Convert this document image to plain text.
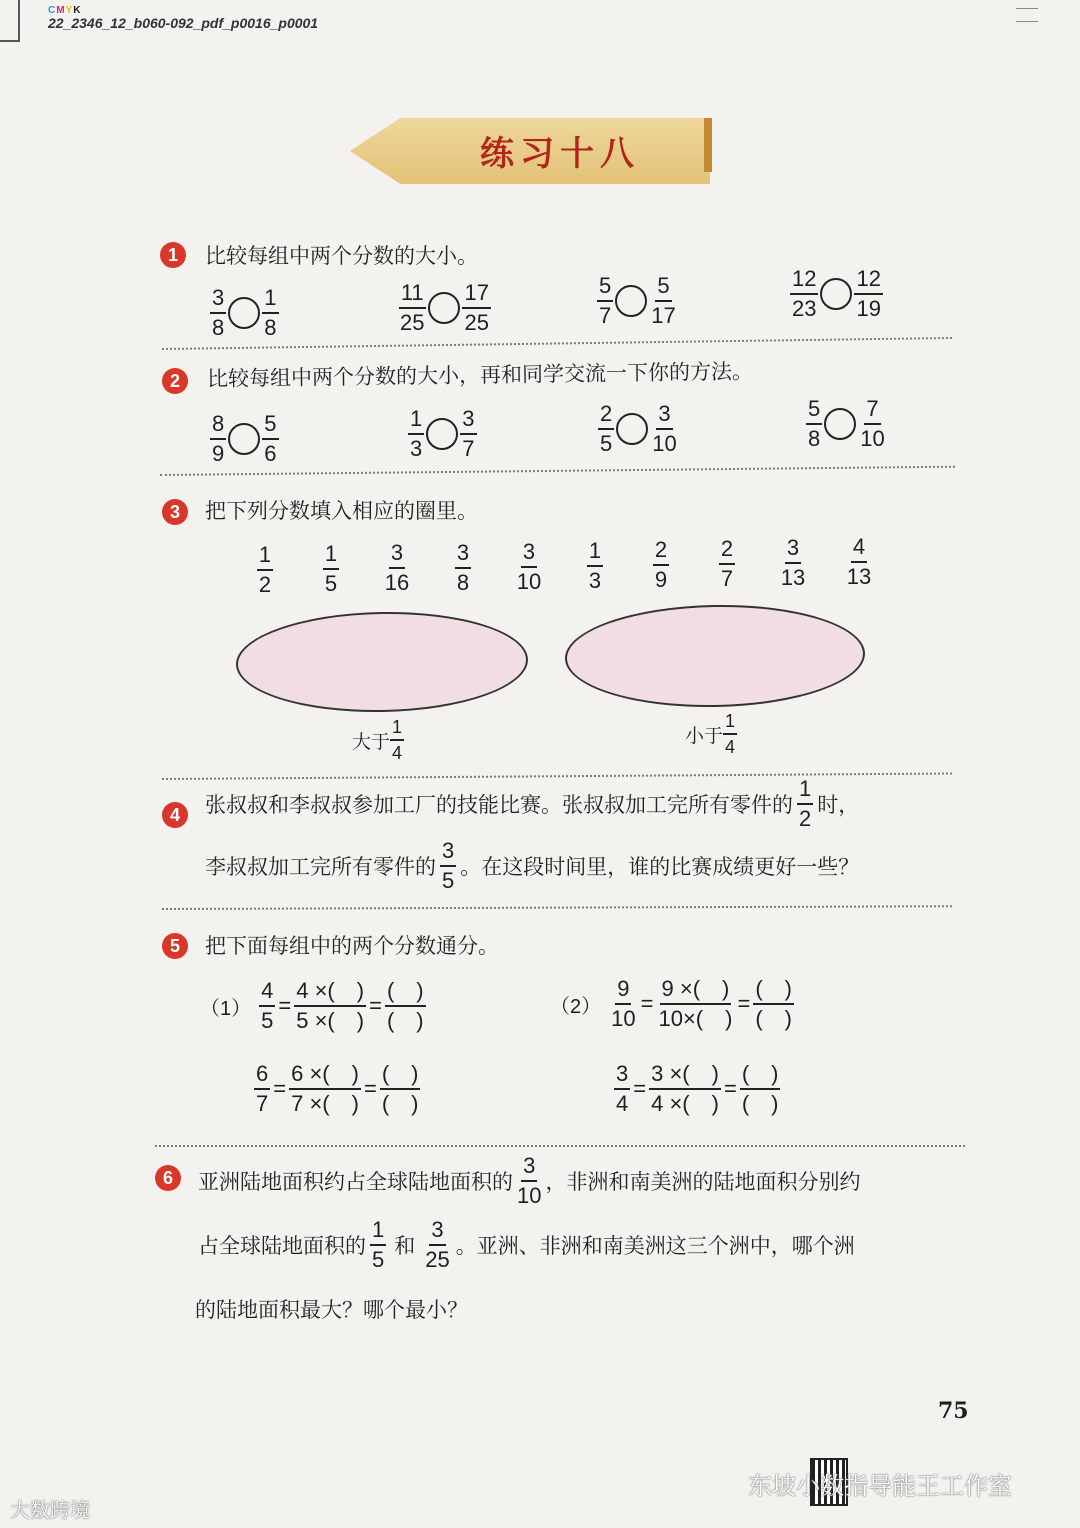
CMYK
22_2346_12_b060-092_pdf_p0016_p0001
练习十八
1	比较每组中两个分数的大小。
$\frac{3}{8} \frac{1}{8}$	$\frac{11}{25} \frac{17}{25}$	$\frac{5}{7} \frac{5}{17}$	$\frac{12}{23} \frac{12}{19}$
2	比较每组中两个分数的大小，再和同学交流一下你的方法。
$\frac{8}{9} \frac{5}{6}$	$\frac{1}{3} \frac{3}{7}$	$\frac{2}{5} \frac{3}{10}$	$\frac{5}{8} \frac{7}{10}$
3	把下列分数填入相应的圈里。
$\frac{1}{2} \frac{1}{5} \frac{3}{16} \frac{3}{8} \frac{3}{10} \frac{1}{3} \frac{2}{9} \frac{2}{7} \frac{3}{13} \frac{4}{13}$
大于 $\frac{1}{4}$	小于 $\frac{1}{4}$
4	张叔叔和李叔叔参加工厂的技能比赛。张叔叔加工完所有零件的 $\frac{1}{2}$ 时，
李叔叔加工完所有零件的 $\frac{3}{5}$ 。在这段时间里，谁的比赛成绩更好一些？
5	把下面每组中的两个分数通分。
$(1) \frac{4}{5} = \frac{4 \times( )}{5 \times( )} = \frac{( )}{( )}$	$(2) \frac{9}{10} = \frac{9 \times( )}{10\times( )} = \frac{( )}{( )}$
$\frac{6}{7} = \frac{6 \times( )}{7 \times( )} = \frac{( )}{( )}$	$\frac{3}{4} = \frac{3 \times( )}{4 \times( )} = \frac{( )}{( )}$
6	亚洲陆地面积约占全球陆地面积的 $\frac{3}{10}$ ，非洲和南美洲的陆地面积分别约
占全球陆地面积的 $\frac{1}{5}$ 和 $\frac{3}{25}$ 。亚洲、非洲和南美洲这三个洲中，哪个洲
的陆地面积最大？哪个最小？
75
大数跨境
东坡小数指导能王工作室
